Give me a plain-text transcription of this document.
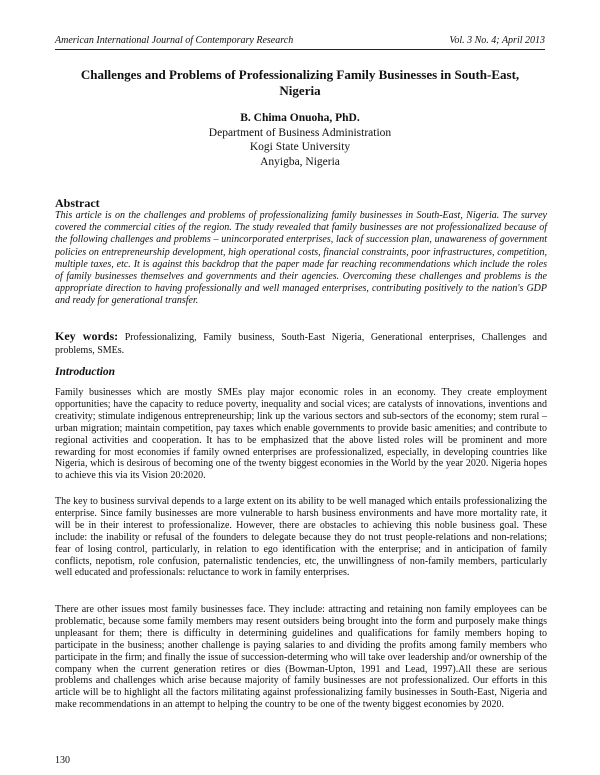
American International Journal of Contemporary Research	Vol. 3 No. 4; April 2013
Challenges and Problems of Professionalizing Family Businesses in South-East, Nigeria
B. Chima Onuoha, PhD.
Department of Business Administration
Kogi State University
Anyigba, Nigeria
Abstract
This article is on the challenges and problems of professionalizing family businesses in South-East, Nigeria. The survey covered the commercial cities of the region. The study revealed that family businesses are not professionalized because of the following challenges and problems – unincorporated enterprises, lack of succession plan, unawareness of government policies on entrepreneurship development, high operational costs, financial constraints, poor infrastructures, competition, multiple taxes, etc. It is against this backdrop that the paper made far reaching recommendations which include the roles of family businesses themselves and governments and their agencies. Overcoming these challenges and problems is the appropriate direction to having professionally and well managed enterprises, contributing positively to the nation's GDP and ready for generational transfer.
Key words: Professionalizing, Family business, South-East Nigeria, Generational enterprises, Challenges and problems, SMEs.
Introduction
Family businesses which are mostly SMEs play major economic roles in an economy. They create employment opportunities; have the capacity to reduce poverty, inequality and social vices; are catalysts of innovations, inventions and creativity; stimulate indigenous entrepreneurship; link up the various sectors and sub-sectors of the economy; stem rural – urban migration; maintain competition, pay taxes which enable governments to provide basic amenities; and contribute to regional activities and cooperation. It has to be emphasized that the above listed roles will be prominent and more rewarding for most economies if family owned enterprises are professionalized, especially, in developing countries like Nigeria, which is desirous of becoming one of the twenty biggest economies in the World by the year 2020. Nigeria hopes to achieve this via its Vision 20:2020.
The key to business survival depends to a large extent on its ability to be well managed which entails professionalizing the enterprise. Since family businesses are more vulnerable to harsh business environments and have more mortality rate, it will be in their interest to professionalize. However, there are obstacles to achieving this noble business goal. These include: the inability or refusal of the founders to delegate because they do not trust people-relations and non-relations; fear of losing control, particularly, in relation to ego identification with the enterprise; and in anticipation of family conflicts, nepotism, role confusion, paternalistic tendencies, etc, the unwillingness of non-family members, particularly well educated and professionals: reluctance to work in family enterprises.
There are other issues most family businesses face. They include: attracting and retaining non family employees can be problematic, because some family members may resent outsiders being brought into the form and purposely make things unpleasant for them; there is difficulty in determining guidelines and qualifications for family members hoping to participate in the business; another challenge is paying salaries to and dividing the profits among family members who participate in the firm; and finally the issue of succession-determing who will take over leadership and/or ownership of the company when the current generation retires or dies (Bowman-Upton, 1991 and Lead, 1997).All these are serious problems and challenges which arise because majority of family businesses are not professionalized. Our efforts in this article will be to highlight all the factors militating against professionalizing family businesses in South-East, Nigeria and make recommendations in an attempt to helping the country to be one of the twenty biggest economies by 2020.
130
